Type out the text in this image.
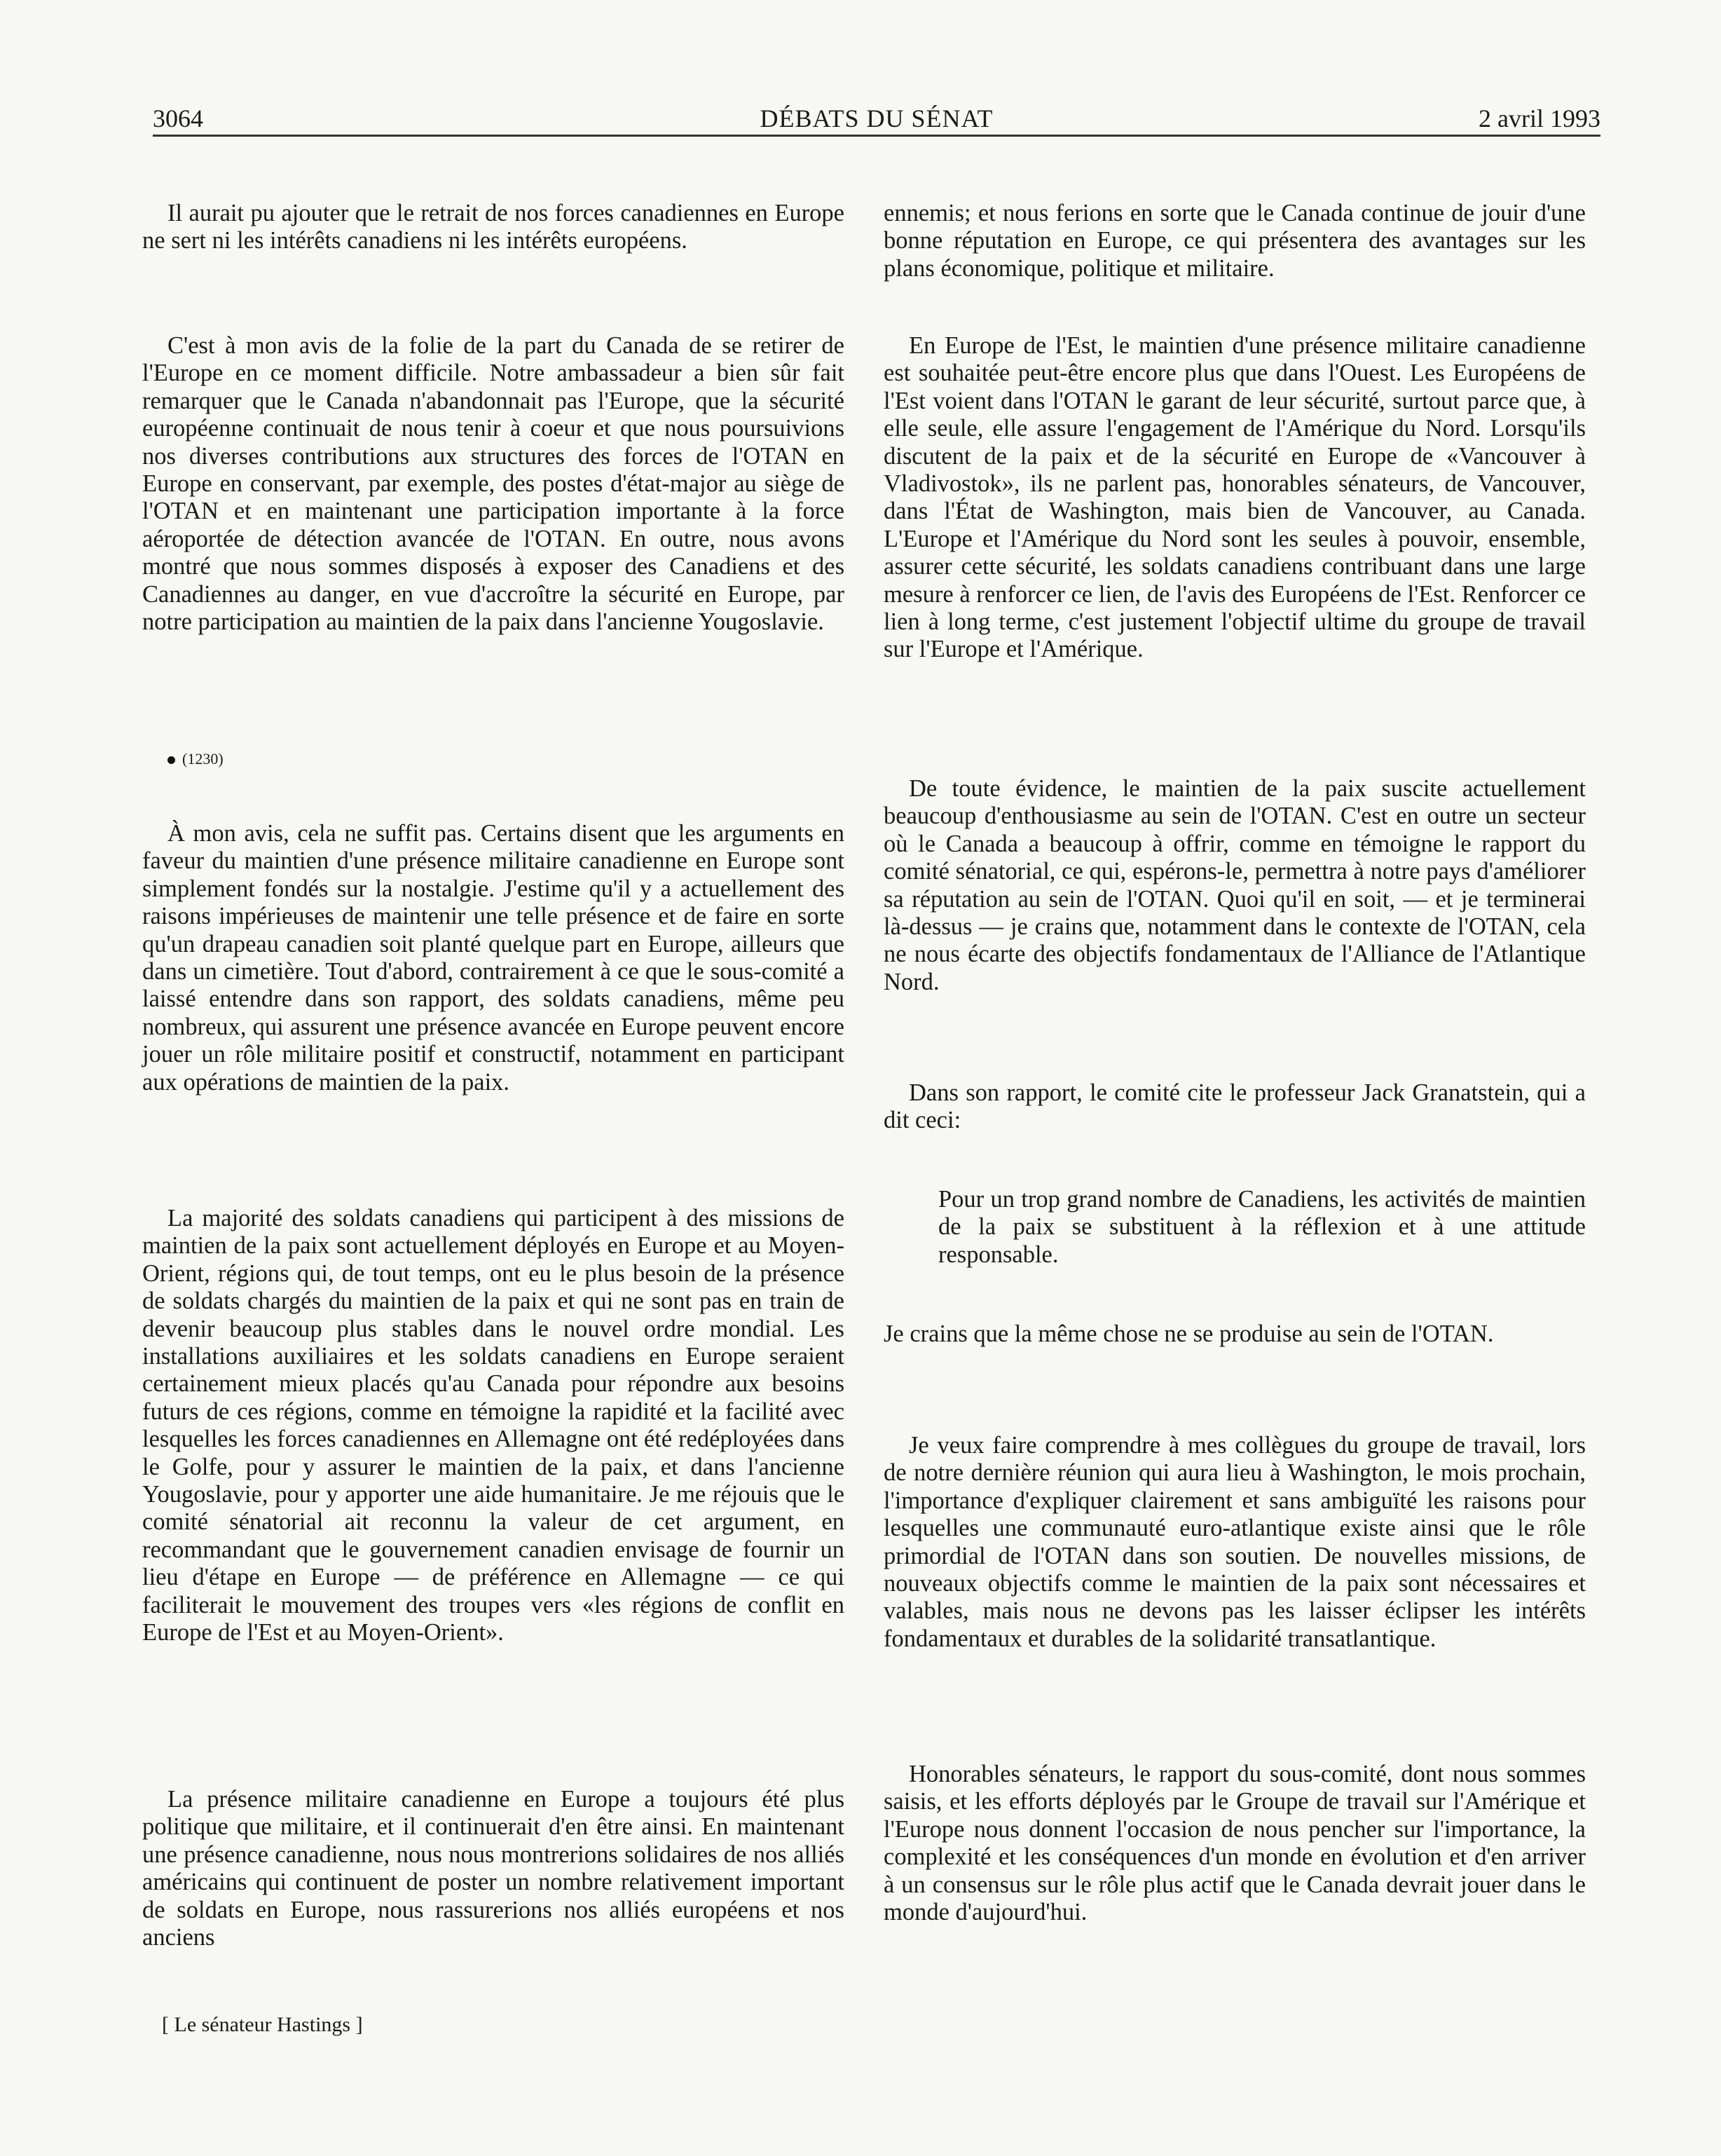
3064	DÉBATS DU SÉNAT	2 avril 1993

Il aurait pu ajouter que le retrait de nos forces canadiennes en Europe ne sert ni les intérêts canadiens ni les intérêts européens.

C'est à mon avis de la folie de la part du Canada de se retirer de l'Europe en ce moment difficile. Notre ambassadeur a bien sûr fait remarquer que le Canada n'abandonnait pas l'Europe, que la sécurité européenne continuait de nous tenir à coeur et que nous poursuivions nos diverses contributions aux structures des forces de l'OTAN en Europe en conservant, par exemple, des postes d'état-major au siège de l'OTAN et en maintenant une participation importante à la force aéroportée de détection avancée de l'OTAN. En outre, nous avons montré que nous sommes disposés à exposer des Canadiens et des Canadiennes au danger, en vue d'accroître la sécurité en Europe, par notre participation au maintien de la paix dans l'ancienne Yougoslavie.

(1230)

À mon avis, cela ne suffit pas. Certains disent que les arguments en faveur du maintien d'une présence militaire canadienne en Europe sont simplement fondés sur la nostalgie. J'estime qu'il y a actuellement des raisons impérieuses de maintenir une telle présence et de faire en sorte qu'un drapeau canadien soit planté quelque part en Europe, ailleurs que dans un cimetière. Tout d'abord, contrairement à ce que le sous-comité a laissé entendre dans son rapport, des soldats canadiens, même peu nombreux, qui assurent une présence avancée en Europe peuvent encore jouer un rôle militaire positif et constructif, notamment en participant aux opérations de maintien de la paix.

La majorité des soldats canadiens qui participent à des missions de maintien de la paix sont actuellement déployés en Europe et au Moyen-Orient, régions qui, de tout temps, ont eu le plus besoin de la présence de soldats chargés du maintien de la paix et qui ne sont pas en train de devenir beaucoup plus stables dans le nouvel ordre mondial. Les installations auxiliaires et les soldats canadiens en Europe seraient certainement mieux placés qu'au Canada pour répondre aux besoins futurs de ces régions, comme en témoigne la rapidité et la facilité avec lesquelles les forces canadiennes en Allemagne ont été redéployées dans le Golfe, pour y assurer le maintien de la paix, et dans l'ancienne Yougoslavie, pour y apporter une aide humanitaire. Je me réjouis que le comité sénatorial ait reconnu la valeur de cet argument, en recommandant que le gouvernement canadien envisage de fournir un lieu d'étape en Europe — de préférence en Allemagne — ce qui faciliterait le mouvement des troupes vers «les régions de conflit en Europe de l'Est et au Moyen-Orient».

La présence militaire canadienne en Europe a toujours été plus politique que militaire, et il continuerait d'en être ainsi. En maintenant une présence canadienne, nous nous montrerions solidaires de nos alliés américains qui continuent de poster un nombre relativement important de soldats en Europe, nous rassurerions nos alliés européens et nos anciens

ennemis; et nous ferions en sorte que le Canada continue de jouir d'une bonne réputation en Europe, ce qui présentera des avantages sur les plans économique, politique et militaire.

En Europe de l'Est, le maintien d'une présence militaire canadienne est souhaitée peut-être encore plus que dans l'Ouest. Les Européens de l'Est voient dans l'OTAN le garant de leur sécurité, surtout parce que, à elle seule, elle assure l'engagement de l'Amérique du Nord. Lorsqu'ils discutent de la paix et de la sécurité en Europe de «Vancouver à Vladivostok», ils ne parlent pas, honorables sénateurs, de Vancouver, dans l'État de Washington, mais bien de Vancouver, au Canada. L'Europe et l'Amérique du Nord sont les seules à pouvoir, ensemble, assurer cette sécurité, les soldats canadiens contribuant dans une large mesure à renforcer ce lien, de l'avis des Européens de l'Est. Renforcer ce lien à long terme, c'est justement l'objectif ultime du groupe de travail sur l'Europe et l'Amérique.

De toute évidence, le maintien de la paix suscite actuellement beaucoup d'enthousiasme au sein de l'OTAN. C'est en outre un secteur où le Canada a beaucoup à offrir, comme en témoigne le rapport du comité sénatorial, ce qui, espérons-le, permettra à notre pays d'améliorer sa réputation au sein de l'OTAN. Quoi qu'il en soit, — et je terminerai là-dessus — je crains que, notamment dans le contexte de l'OTAN, cela ne nous écarte des objectifs fondamentaux de l'Alliance de l'Atlantique Nord.

Dans son rapport, le comité cite le professeur Jack Granatstein, qui a dit ceci:

Pour un trop grand nombre de Canadiens, les activités de maintien de la paix se substituent à la réflexion et à une attitude responsable.

Je crains que la même chose ne se produise au sein de l'OTAN.

Je veux faire comprendre à mes collègues du groupe de travail, lors de notre dernière réunion qui aura lieu à Washington, le mois prochain, l'importance d'expliquer clairement et sans ambiguïté les raisons pour lesquelles une communauté euro-atlantique existe ainsi que le rôle primordial de l'OTAN dans son soutien. De nouvelles missions, de nouveaux objectifs comme le maintien de la paix sont nécessaires et valables, mais nous ne devons pas les laisser éclipser les intérêts fondamentaux et durables de la solidarité transatlantique.

Honorables sénateurs, le rapport du sous-comité, dont nous sommes saisis, et les efforts déployés par le Groupe de travail sur l'Amérique et l'Europe nous donnent l'occasion de nous pencher sur l'importance, la complexité et les conséquences d'un monde en évolution et d'en arriver à un consensus sur le rôle plus actif que le Canada devrait jouer dans le monde d'aujourd'hui.

[ Le sénateur Hastings ]
